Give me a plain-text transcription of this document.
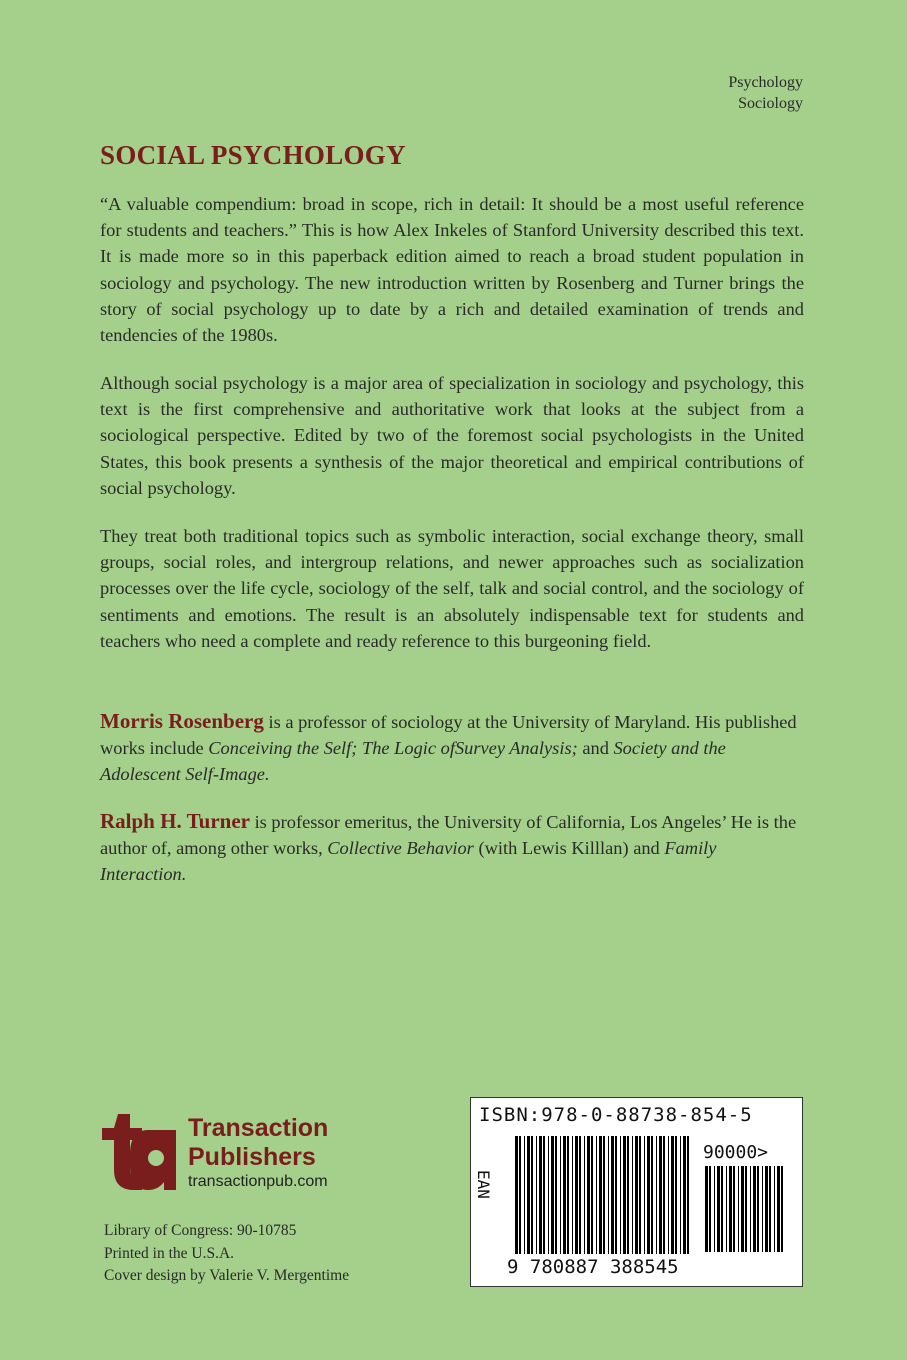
Psychology
Sociology
SOCIAL PSYCHOLOGY

“A valuable compendium: broad in scope, rich in detail: It should be a most useful reference for students and teachers.” This is how Alex Inkeles of Stanford University described this text. It is made more so in this paperback edition aimed to reach a broad student population in sociology and psychology. The new introduction written by Rosenberg and Turner brings the story of social psychology up to date by a rich and detailed examination of trends and tendencies of the 1980s.

Although social psychology is a major area of specialization in sociology and psychology, this text is the first comprehensive and authoritative work that looks at the subject from a sociological perspective. Edited by two of the foremost social psychologists in the United States, this book presents a synthesis of the major theoretical and empirical contributions of social psychology.

They treat both traditional topics such as symbolic interaction, social exchange theory, small groups, social roles, and intergroup relations, and newer approaches such as socialization processes over the life cycle, sociology of the self, talk and social control, and the sociology of sentiments and emotions. The result is an absolutely indispensable text for students and teachers who need a complete and ready reference to this burgeoning field.

Morris Rosenberg is a professor of sociology at the University of Maryland. His published works include Conceiving the Self; The Logic ofSurvey Analysis; and Society and the Adolescent Self-Image.

Ralph H. Turner is professor emeritus, the University of California, Los Angeles’ He is the author of, among other works, Collective Behavior (with Lewis Killlan) and Family Interaction.

Transaction
Publishers
transactionpub.com
Library of Congress: 90-10785
Printed in the U.S.A.
Cover design by Valerie V. Mergentime
ISBN:978-0-88738-854-5
EAN
90000>
9 780887 388545
